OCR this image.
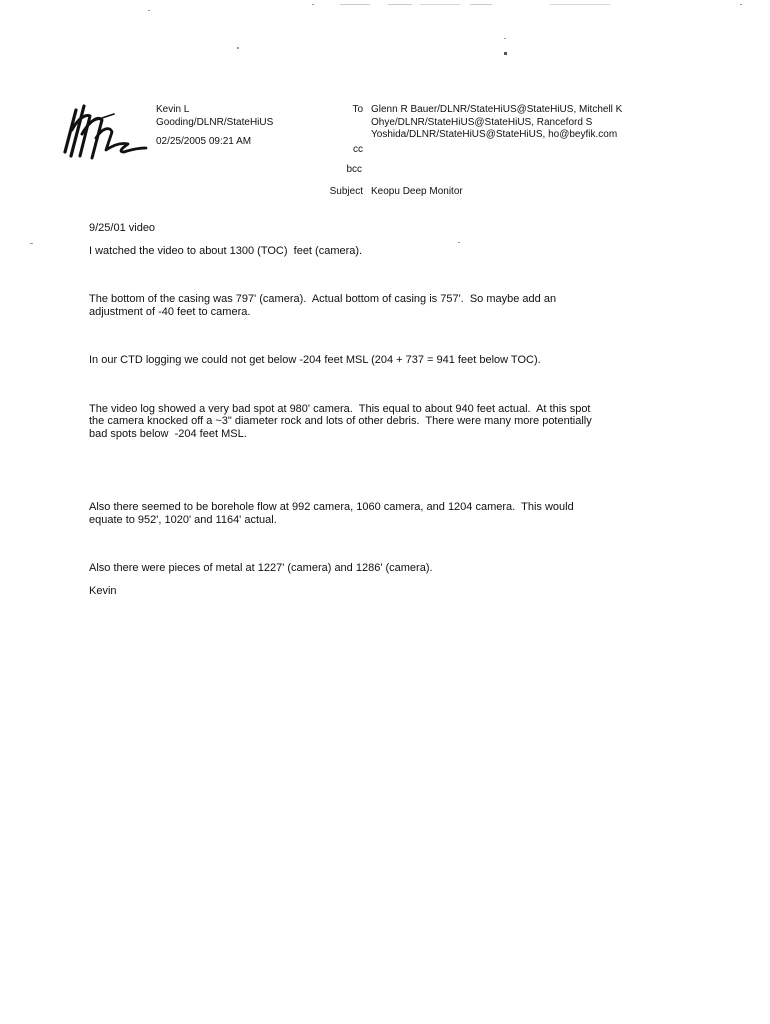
Kevin L
Gooding/DLNR/StateHiUS
02/25/2005 09:21 AM
To Glenn R Bauer/DLNR/StateHiUS@StateHiUS, Mitchell K
Ohye/DLNR/StateHiUS@StateHiUS, Ranceford S
Yoshida/DLNR/StateHiUS@StateHiUS, ho@beyfik.com
cc
bcc
Subject Keopu Deep Monitor

9/25/01 video

I watched the video to about 1300 (TOC)  feet (camera).

The bottom of the casing was 797' (camera).  Actual bottom of casing is 757'.  So maybe add an
adjustment of -40 feet to camera.

In our CTD logging we could not get below -204 feet MSL (204 + 737 = 941 feet below TOC).

The video log showed a very bad spot at 980' camera.  This equal to about 940 feet actual.  At this spot
the camera knocked off a ~3" diameter rock and lots of other debris.  There were many more potentially
bad spots below  -204 feet MSL.

Also there seemed to be borehole flow at 992 camera, 1060 camera, and 1204 camera.  This would
equate to 952', 1020' and 1164' actual.

Also there were pieces of metal at 1227' (camera) and 1286' (camera).

Kevin
